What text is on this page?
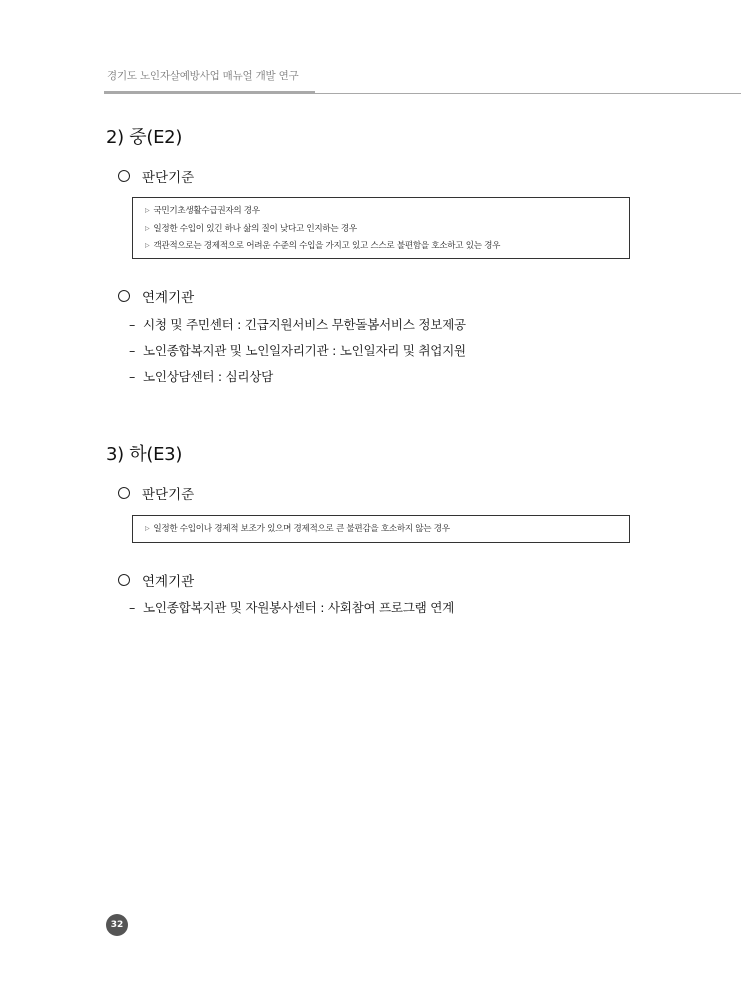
경기도 노인자살예방사업 매뉴얼 개발 연구
2) 중(E2)
판단기준
▷ 국민기초생활수급권자의 경우
▷ 일정한 수입이 있긴 하나 삶의 질이 낮다고 인지하는 경우
▷ 객관적으로는 경제적으로 어려운 수준의 수입을 가지고 있고 스스로 불편함을 호소하고 있는 경우
연계기관
– 시청 및 주민센터 : 긴급지원서비스 무한돌봄서비스 정보제공
– 노인종합복지관 및 노인일자리기관 : 노인일자리 및 취업지원
– 노인상담센터 : 심리상담
3) 하(E3)
판단기준
▷ 일정한 수입이나 경제적 보조가 있으며 경제적으로 큰 불편감을 호소하지 않는 경우
연계기관
– 노인종합복지관 및 자원봉사센터 : 사회참여 프로그램 연계
32
